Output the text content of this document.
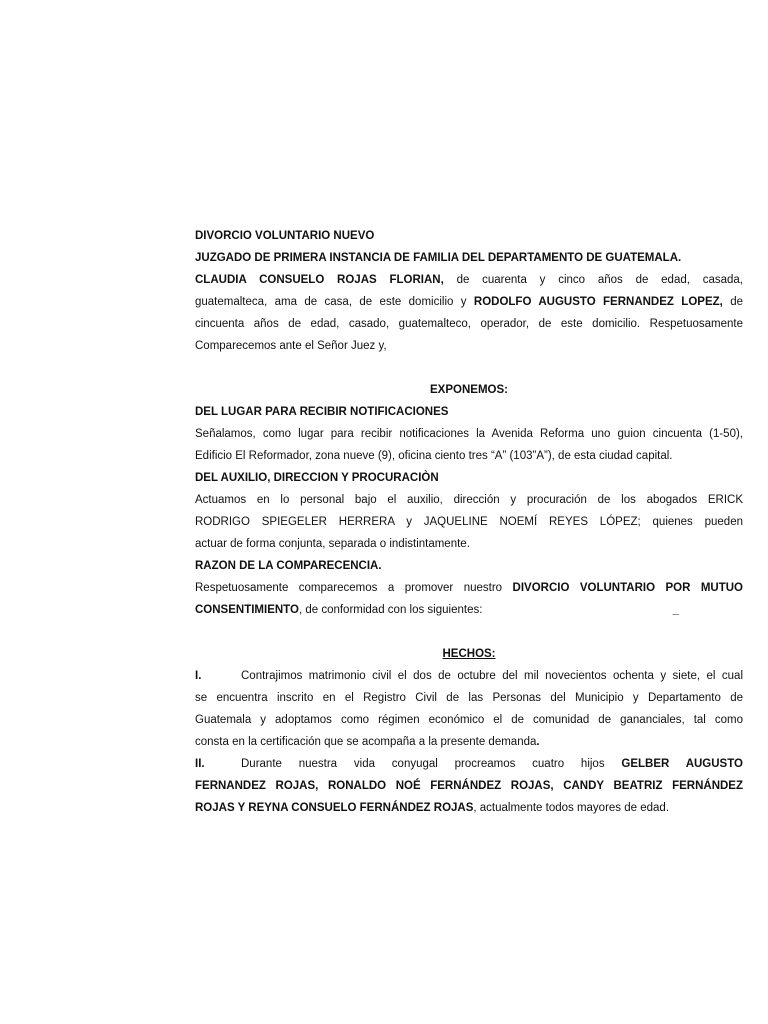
DIVORCIO VOLUNTARIO NUEVO
JUZGADO DE PRIMERA INSTANCIA DE FAMILIA DEL DEPARTAMENTO DE GUATEMALA.
CLAUDIA CONSUELO ROJAS FLORIAN, de cuarenta y cinco años de edad, casada,
guatemalteca, ama de casa, de este domicilio y RODOLFO AUGUSTO FERNANDEZ LOPEZ, de
cincuenta años de edad, casado, guatemalteco, operador, de este domicilio. Respetuosamente
Comparecemos ante el Señor Juez y,
EXPONEMOS:
DEL LUGAR PARA RECIBIR NOTIFICACIONES
Señalamos, como lugar para recibir notificaciones la Avenida Reforma uno guion cincuenta (1-50),
Edificio El Reformador, zona nueve (9), oficina ciento tres “A” (103”A”), de esta ciudad capital.
DEL AUXILIO, DIRECCION Y PROCURACIÒN
Actuamos en lo personal bajo el auxilio, dirección y procuración de los abogados ERICK
RODRIGO SPIEGELER HERRERA y JAQUELINE NOEMÍ REYES LÓPEZ; quienes pueden
actuar de forma conjunta, separada o indistintamente.
RAZON DE LA COMPARECENCIA.
Respetuosamente comparecemos a promover nuestro DIVORCIO VOLUNTARIO POR MUTUO
CONSENTIMIENTO, de conformidad con los siguientes:	_
HECHOS:
I.	Contrajimos matrimonio civil el dos de octubre del mil novecientos ochenta y siete, el cual
se encuentra inscrito en el Registro Civil de las Personas del Municipio y Departamento de
Guatemala y adoptamos como régimen económico el de comunidad de gananciales, tal como
consta en la certificación que se acompaña a la presente demanda.
II.	Durante nuestra vida conyugal procreamos cuatro hijos GELBER AUGUSTO
FERNANDEZ ROJAS, RONALDO NOÉ FERNÁNDEZ ROJAS, CANDY BEATRIZ FERNÁNDEZ
ROJAS Y REYNA CONSUELO FERNÁNDEZ ROJAS, actualmente todos mayores de edad.
